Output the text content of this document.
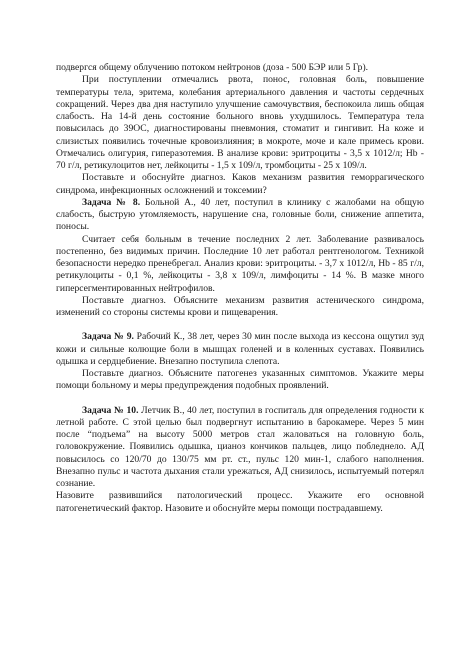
подвергся общему облучению потоком нейтронов (доза - 500 БЭР или 5 Гр).

При поступлении отмечались рвота, понос, головная боль, повышение температуры тела, эритема, колебания артериального давления и частоты сердечных сокращений. Через два дня наступило улучшение самочувствия, беспокоила лишь общая слабость. На 14-й день состояние больного вновь ухудшилось. Температура тела повысилась до 39ОС, диагностированы пневмония, стоматит и гингивит. На коже и слизистых появились точечные кровоизлияния; в мокроте, моче и кале примесь крови. Отмечались олигурия, гиперазотемия. В анализе крови: эритроциты - 3,5 х 1012/л; Hb - 70 г/л, ретикулоцитов нет, лейкоциты - 1,5 х 109/л, тромбоциты - 25 х 109/л.

Поставьте и обоснуйте диагноз. Каков механизм развития геморрагического синдрома, инфекционных осложнений и токсемии?

Задача № 8. Больной А., 40 лет, поступил в клинику с жалобами на общую слабость, быструю утомляемость, нарушение сна, головные боли, снижение аппетита, поносы.

Считает себя больным в течение последних 2 лет. Заболевание развивалось постепенно, без видимых причин. Последние 10 лет работал рентгенологом. Техникой безопасности нередко пренебрегал. Анализ крови: эритроциты. - 3,7 х 1012/л, Hb - 85 г/л, ретикулоциты - 0,1 %, лейкоциты - 3,8 х 109/л, лимфоциты - 14 %. В мазке много гиперсегментированных нейтрофилов.

Поставьте диагноз. Объясните механизм развития астенического синдрома, изменений со стороны системы крови и пищеварения.

Задача № 9. Рабочий К., 38 лет, через 30 мин после выхода из кессона ощутил зуд кожи и сильные колющие боли в мышцах голеней и в коленных суставах. Появились одышка и сердцебиение. Внезапно поступила слепота.

Поставьте диагноз. Объясните патогенез указанных симптомов. Укажите меры помощи больному и меры предупреждения подобных проявлений.

Задача № 10. Летчик В., 40 лет, поступил в госпиталь для определения годности к летной работе. С этой целью был подвергнут испытанию в барокамере. Через 5 мин после “подъема” на высоту 5000 метров стал жаловаться на головную боль, головокружение. Появились одышка, цианоз кончиков пальцев, лицо побледнело. АД повысилось со 120/70 до 130/75 мм рт. ст., пульс 120 мин-1, слабого наполнения. Внезапно пульс и частота дыхания стали урежаться, АД снизилось, испытуемый потерял сознание.

Назовите развившийся патологический процесс. Укажите его основной патогенетический фактор. Назовите и обоснуйте меры помощи пострадавшему.
